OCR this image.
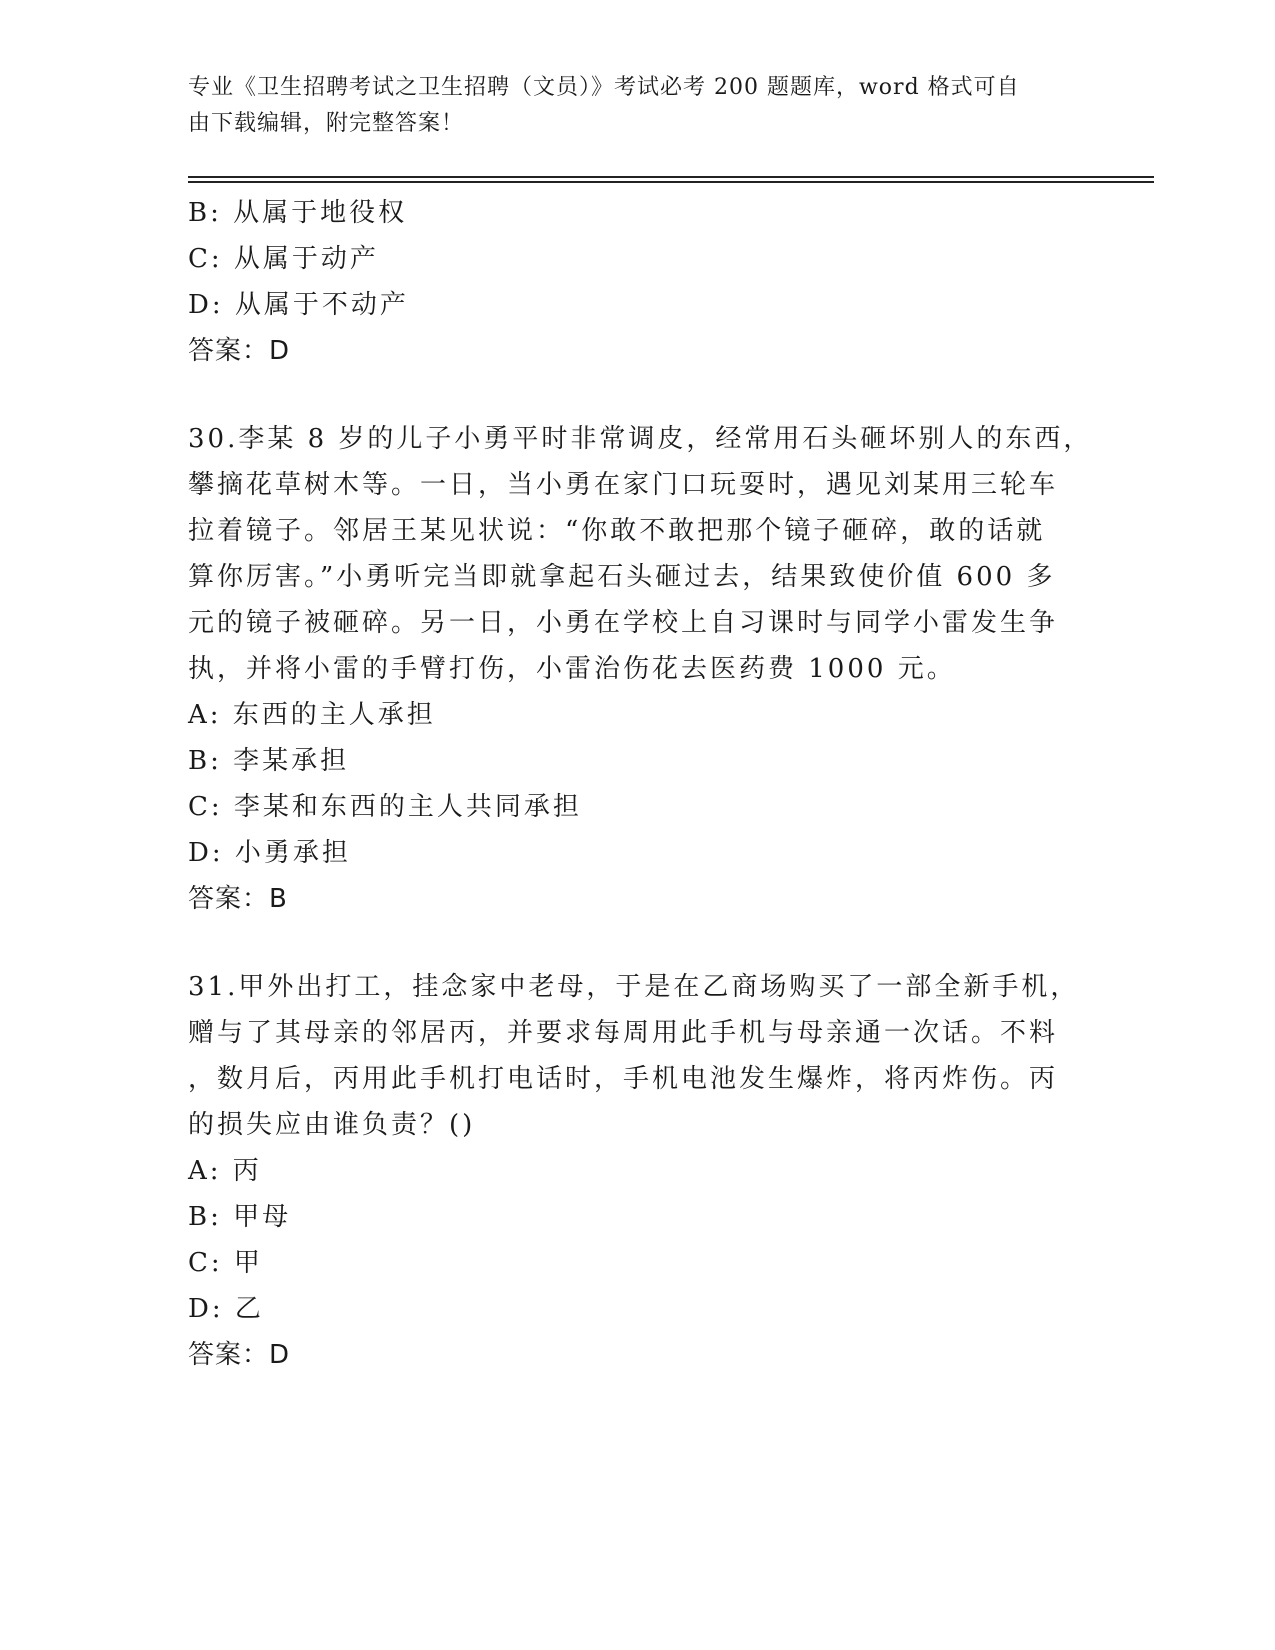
专业《卫生招聘考试之卫生招聘（文员）》考试必考 200 题题库，word 格式可自
由下载编辑，附完整答案！
B: 从属于地役权
C: 从属于动产
D: 从属于不动产
答案：D
30.李某 8 岁的儿子小勇平时非常调皮，经常用石头砸坏别人的东西，
攀摘花草树木等。一日，当小勇在家门口玩耍时，遇见刘某用三轮车
拉着镜子。邻居王某见状说：“你敢不敢把那个镜子砸碎，敢的话就
算你厉害。”小勇听完当即就拿起石头砸过去，结果致使价值 600 多
元的镜子被砸碎。另一日，小勇在学校上自习课时与同学小雷发生争
执，并将小雷的手臂打伤，小雷治伤花去医药费 1000 元。
A: 东西的主人承担
B: 李某承担
C: 李某和东西的主人共同承担
D: 小勇承担
答案：B
31.甲外出打工，挂念家中老母，于是在乙商场购买了一部全新手机，
赠与了其母亲的邻居丙，并要求每周用此手机与母亲通一次话。不料
，数月后，丙用此手机打电话时，手机电池发生爆炸，将丙炸伤。丙
的损失应由谁负责？()
A: 丙
B: 甲母
C: 甲
D: 乙
答案：D
